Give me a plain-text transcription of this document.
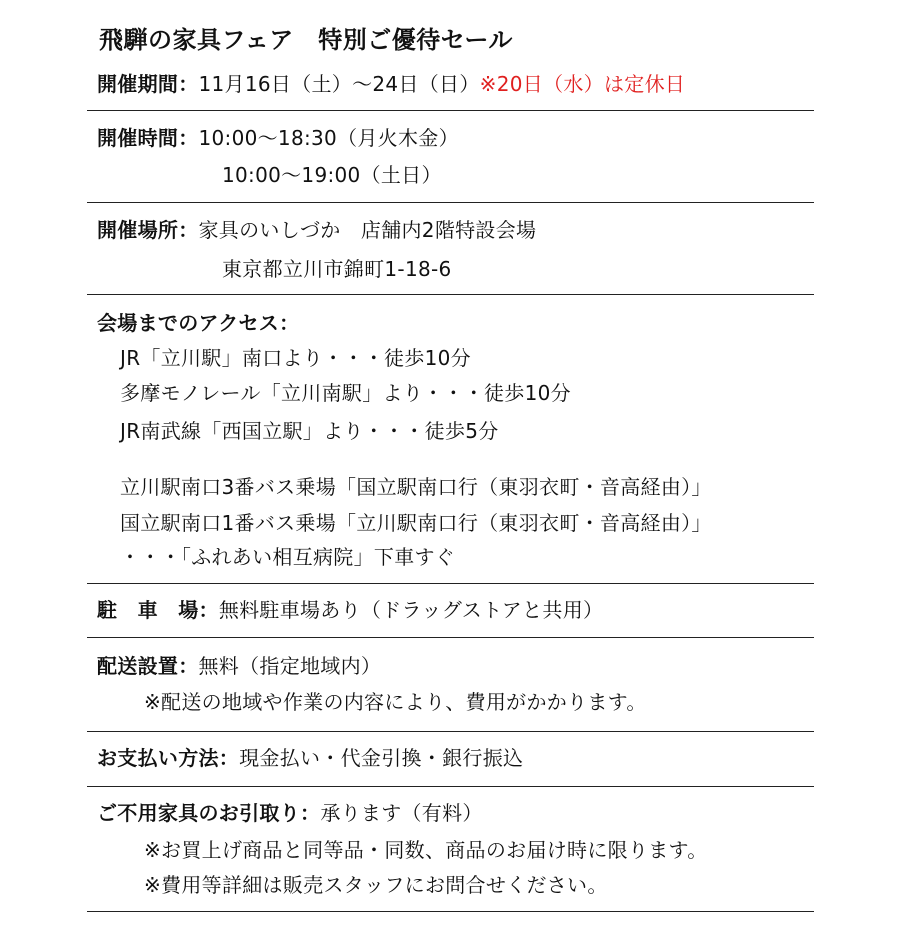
飛騨の家具フェア　特別ご優待セール
開催期間：11月16日（土）〜24日（日）※20日（水）は定休日
開催時間：10:00〜18:30（月火木金）
10:00〜19:00（土日）
開催場所：家具のいしづか　店舗内2階特設会場
東京都立川市錦町1-18-6
会場までのアクセス：
JR「立川駅」南口より・・・徒歩10分
多摩モノレール「立川南駅」より・・・徒歩10分
JR南武線「西国立駅」より・・・徒歩5分
立川駅南口3番バス乗場「国立駅南口行（東羽衣町・音高経由）」
国立駅南口1番バス乗場「立川駅南口行（東羽衣町・音高経由）」
・・・「ふれあい相互病院」下車すぐ
駐　車　場：無料駐車場あり（ドラッグストアと共用）
配送設置：無料（指定地域内）
※配送の地域や作業の内容により、費用がかかります。
お支払い方法：現金払い・代金引換・銀行振込
ご不用家具のお引取り：承ります（有料）
※お買上げ商品と同等品・同数、商品のお届け時に限ります。
※費用等詳細は販売スタッフにお問合せください。
